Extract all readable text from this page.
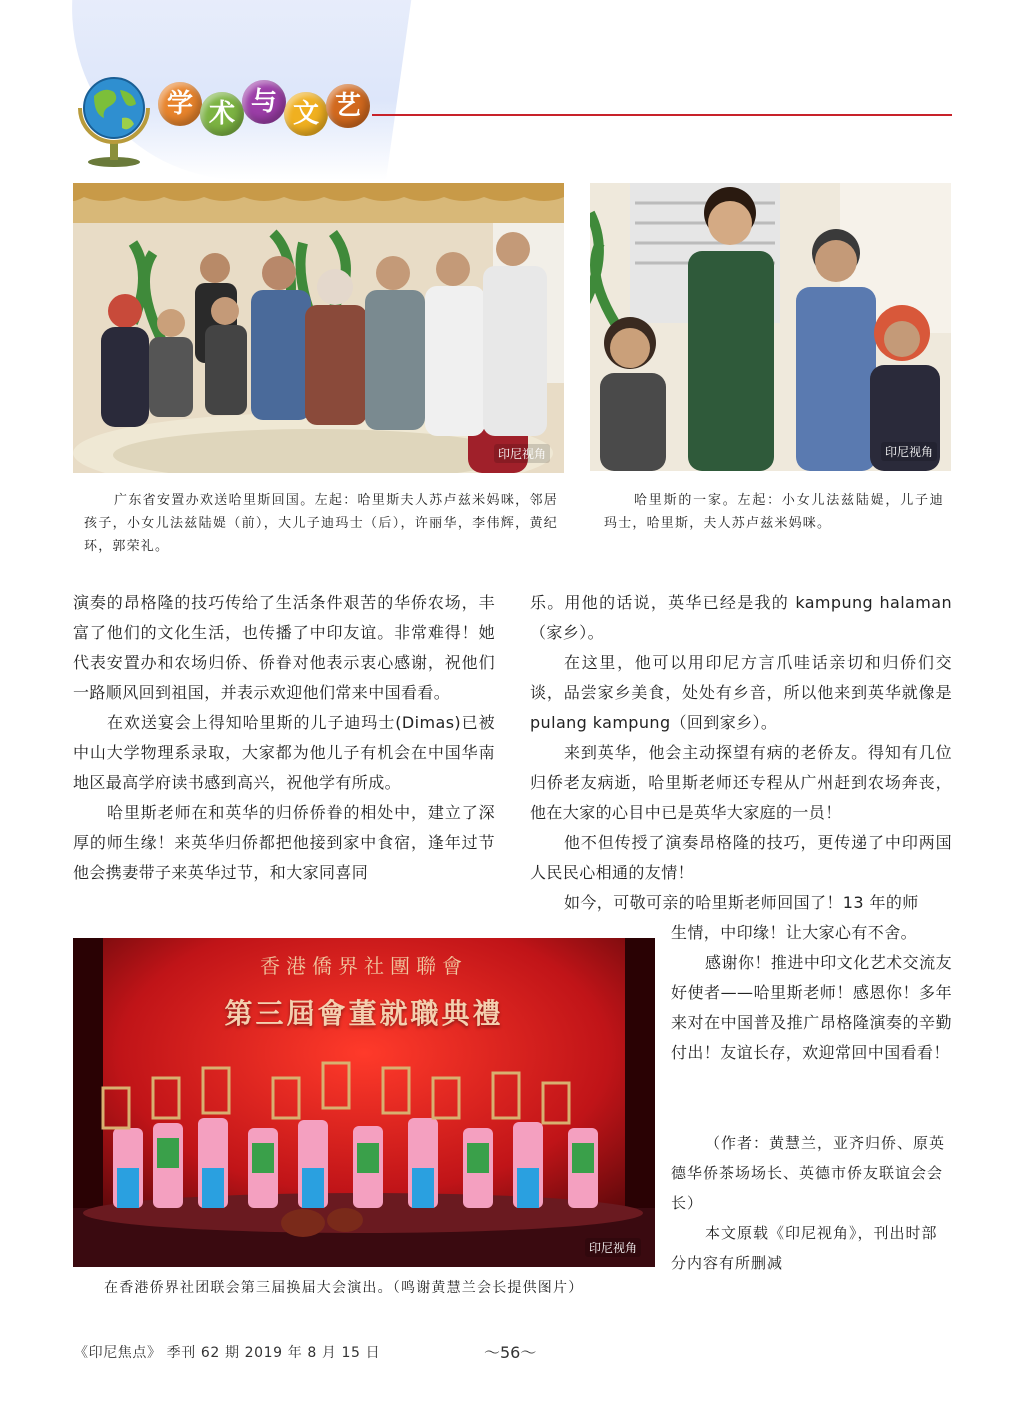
学 术 与 文 艺
印尼视角	印尼视角

广东省安置办欢送哈里斯回国。左起：哈里斯夫人苏卢兹米妈咪，邻居孩子，小女儿法兹陆媞（前），大儿子迪玛士（后），许丽华，李伟辉，黄纪环，郭荣礼。

哈里斯的一家。左起：小女儿法兹陆媞，儿子迪玛士，哈里斯，夫人苏卢兹米妈咪。

演奏的昂格隆的技巧传给了生活条件艰苦的华侨农场，丰富了他们的文化生活，也传播了中印友谊。非常难得！她代表安置办和农场归侨、侨眷对他表示衷心感谢，祝他们一路顺风回到祖国，并表示欢迎他们常来中国看看。

在欢送宴会上得知哈里斯的儿子迪玛士(Dimas)已被中山大学物理系录取，大家都为他儿子有机会在中国华南地区最高学府读书感到高兴，祝他学有所成。

哈里斯老师在和英华的归侨侨眷的相处中，建立了深厚的师生缘！来英华归侨都把他接到家中食宿，逢年过节他会携妻带子来英华过节，和大家同喜同

乐。用他的话说，英华已经是我的 kampung halaman（家乡）。

在这里，他可以用印尼方言爪哇话亲切和归侨们交谈，品尝家乡美食，处处有乡音，所以他来到英华就像是 pulang kampung（回到家乡）。

来到英华，他会主动探望有病的老侨友。得知有几位归侨老友病逝，哈里斯老师还专程从广州赶到农场奔丧，他在大家的心目中已是英华大家庭的一员！

他不但传授了演奏昂格隆的技巧，更传递了中印两国人民民心相通的友情！

如今，可敬可亲的哈里斯老师回国了！13 年的师

生情，中印缘！让大家心有不舍。

感谢你！推进中印文化艺术交流友好使者——哈里斯老师！感恩你！多年来对在中国普及推广昂格隆演奏的辛勤付出！友谊长存，欢迎常回中国看看！

（作者：黄慧兰，亚齐归侨、原英德华侨茶场场长、英德市侨友联谊会会长）

本文原载《印尼视角》，刊出时部分内容有所删减

香港僑界社團聯會
第三屆會董就職典禮
印尼视角

在香港侨界社团联会第三届换届大会演出。（鸣谢黄慧兰会长提供图片）

《印尼焦点》 季刊 62 期 2019 年 8 月 15 日	～56～
